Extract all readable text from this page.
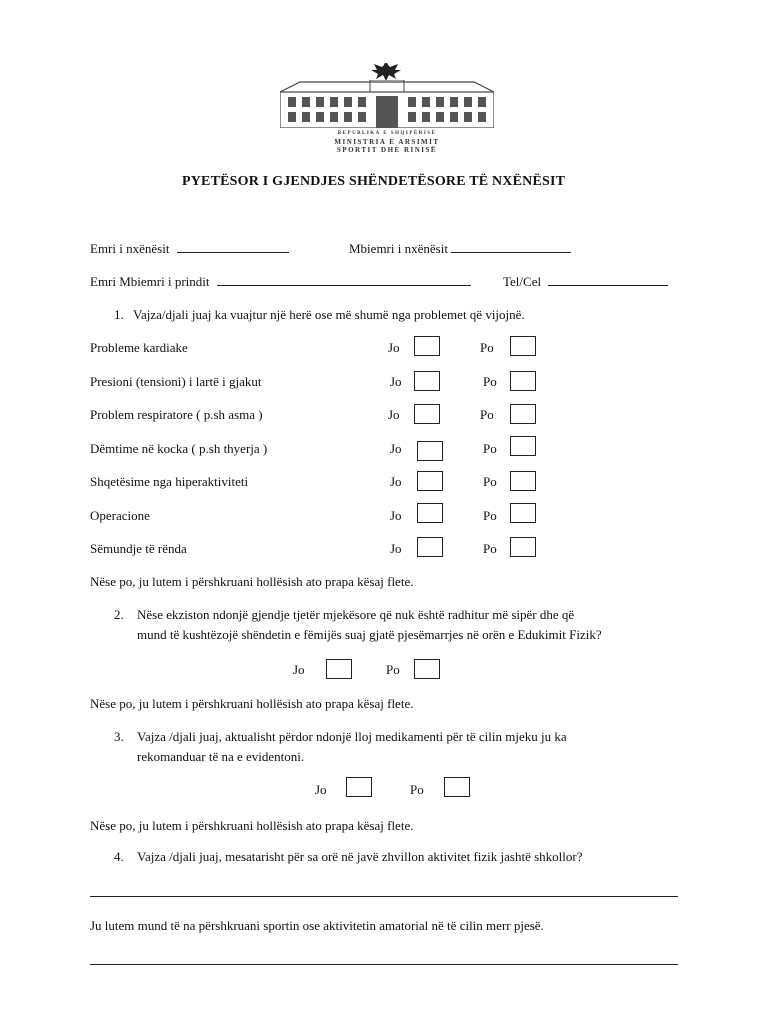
REPUBLIKA E SHQIPËRISË
MINISTRIA E ARSIMIT
SPORTIT DHE RINISË
PYETËSOR I GJENDJES SHËNDETËSORE TË NXËNËSIT
Emri i nxënësit	Mbiemri i nxënësit
Emri Mbiemri i prindit	Tel/Cel
1. Vajza/djali juaj ka vuajtur një herë ose më shumë nga problemet që vijojnë.
Probleme kardiake	Jo	Po
Presioni (tensioni) i lartë i gjakut	Jo	Po
Problem respiratore ( p.sh asma )	Jo	Po
Dëmtime në kocka ( p.sh thyerja )	Jo	Po
Shqetësime nga hiperaktiviteti	Jo	Po
Operacione	Jo	Po
Sëmundje të rënda	Jo	Po
Nëse po, ju lutem i përshkruani hollësish ato prapa kësaj flete.
2. Nëse ekziston ndonjë gjendje tjetër mjekësore që nuk është radhitur më sipër dhe që
mund të kushtëzojë shëndetin e fëmijës suaj gjatë pjesëmarrjes në orën e Edukimit Fizik?
Jo	Po
Nëse po, ju lutem i përshkruani hollësish ato prapa kësaj flete.
3. Vajza /djali juaj, aktualisht përdor ndonjë lloj medikamenti për të cilin mjeku ju ka
rekomanduar të na e evidentoni.
Jo	Po
Nëse po, ju lutem i përshkruani hollësish ato prapa kësaj flete.
4. Vajza /djali juaj, mesatarisht për sa orë në javë zhvillon aktivitet fizik jashtë shkollor?
Ju lutem mund të na përshkruani sportin ose aktivitetin amatorial në të cilin merr pjesë.
